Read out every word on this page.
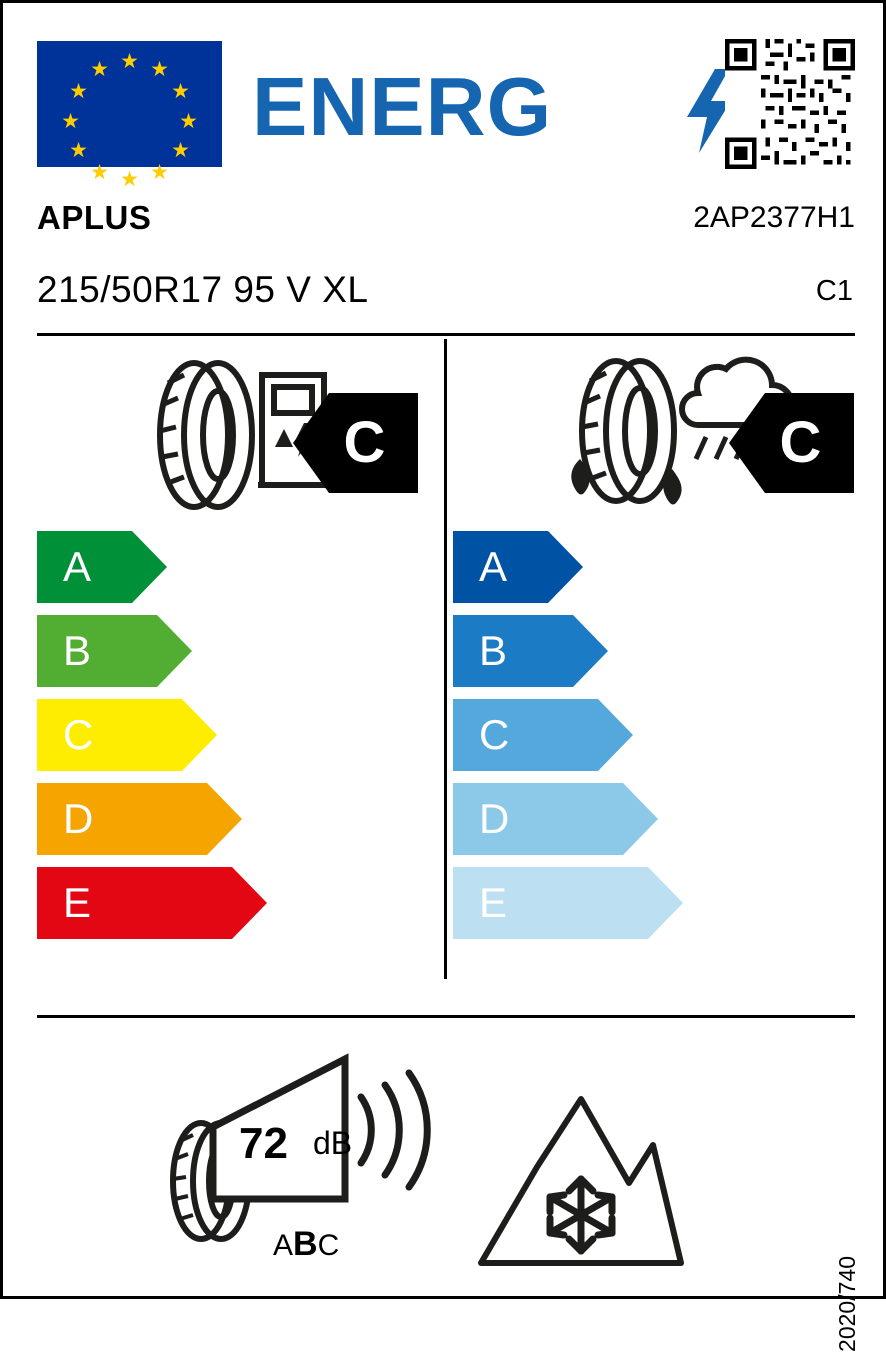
★ ★
★
★
★
★
★
★
★
★
★
★ ENERG
APLUS	2AP2377H1
215/50R17 95 V XL	C1
A
B
C
D
E
C
A
B
C
D
E
C
72 dB
ABC
2020/740
